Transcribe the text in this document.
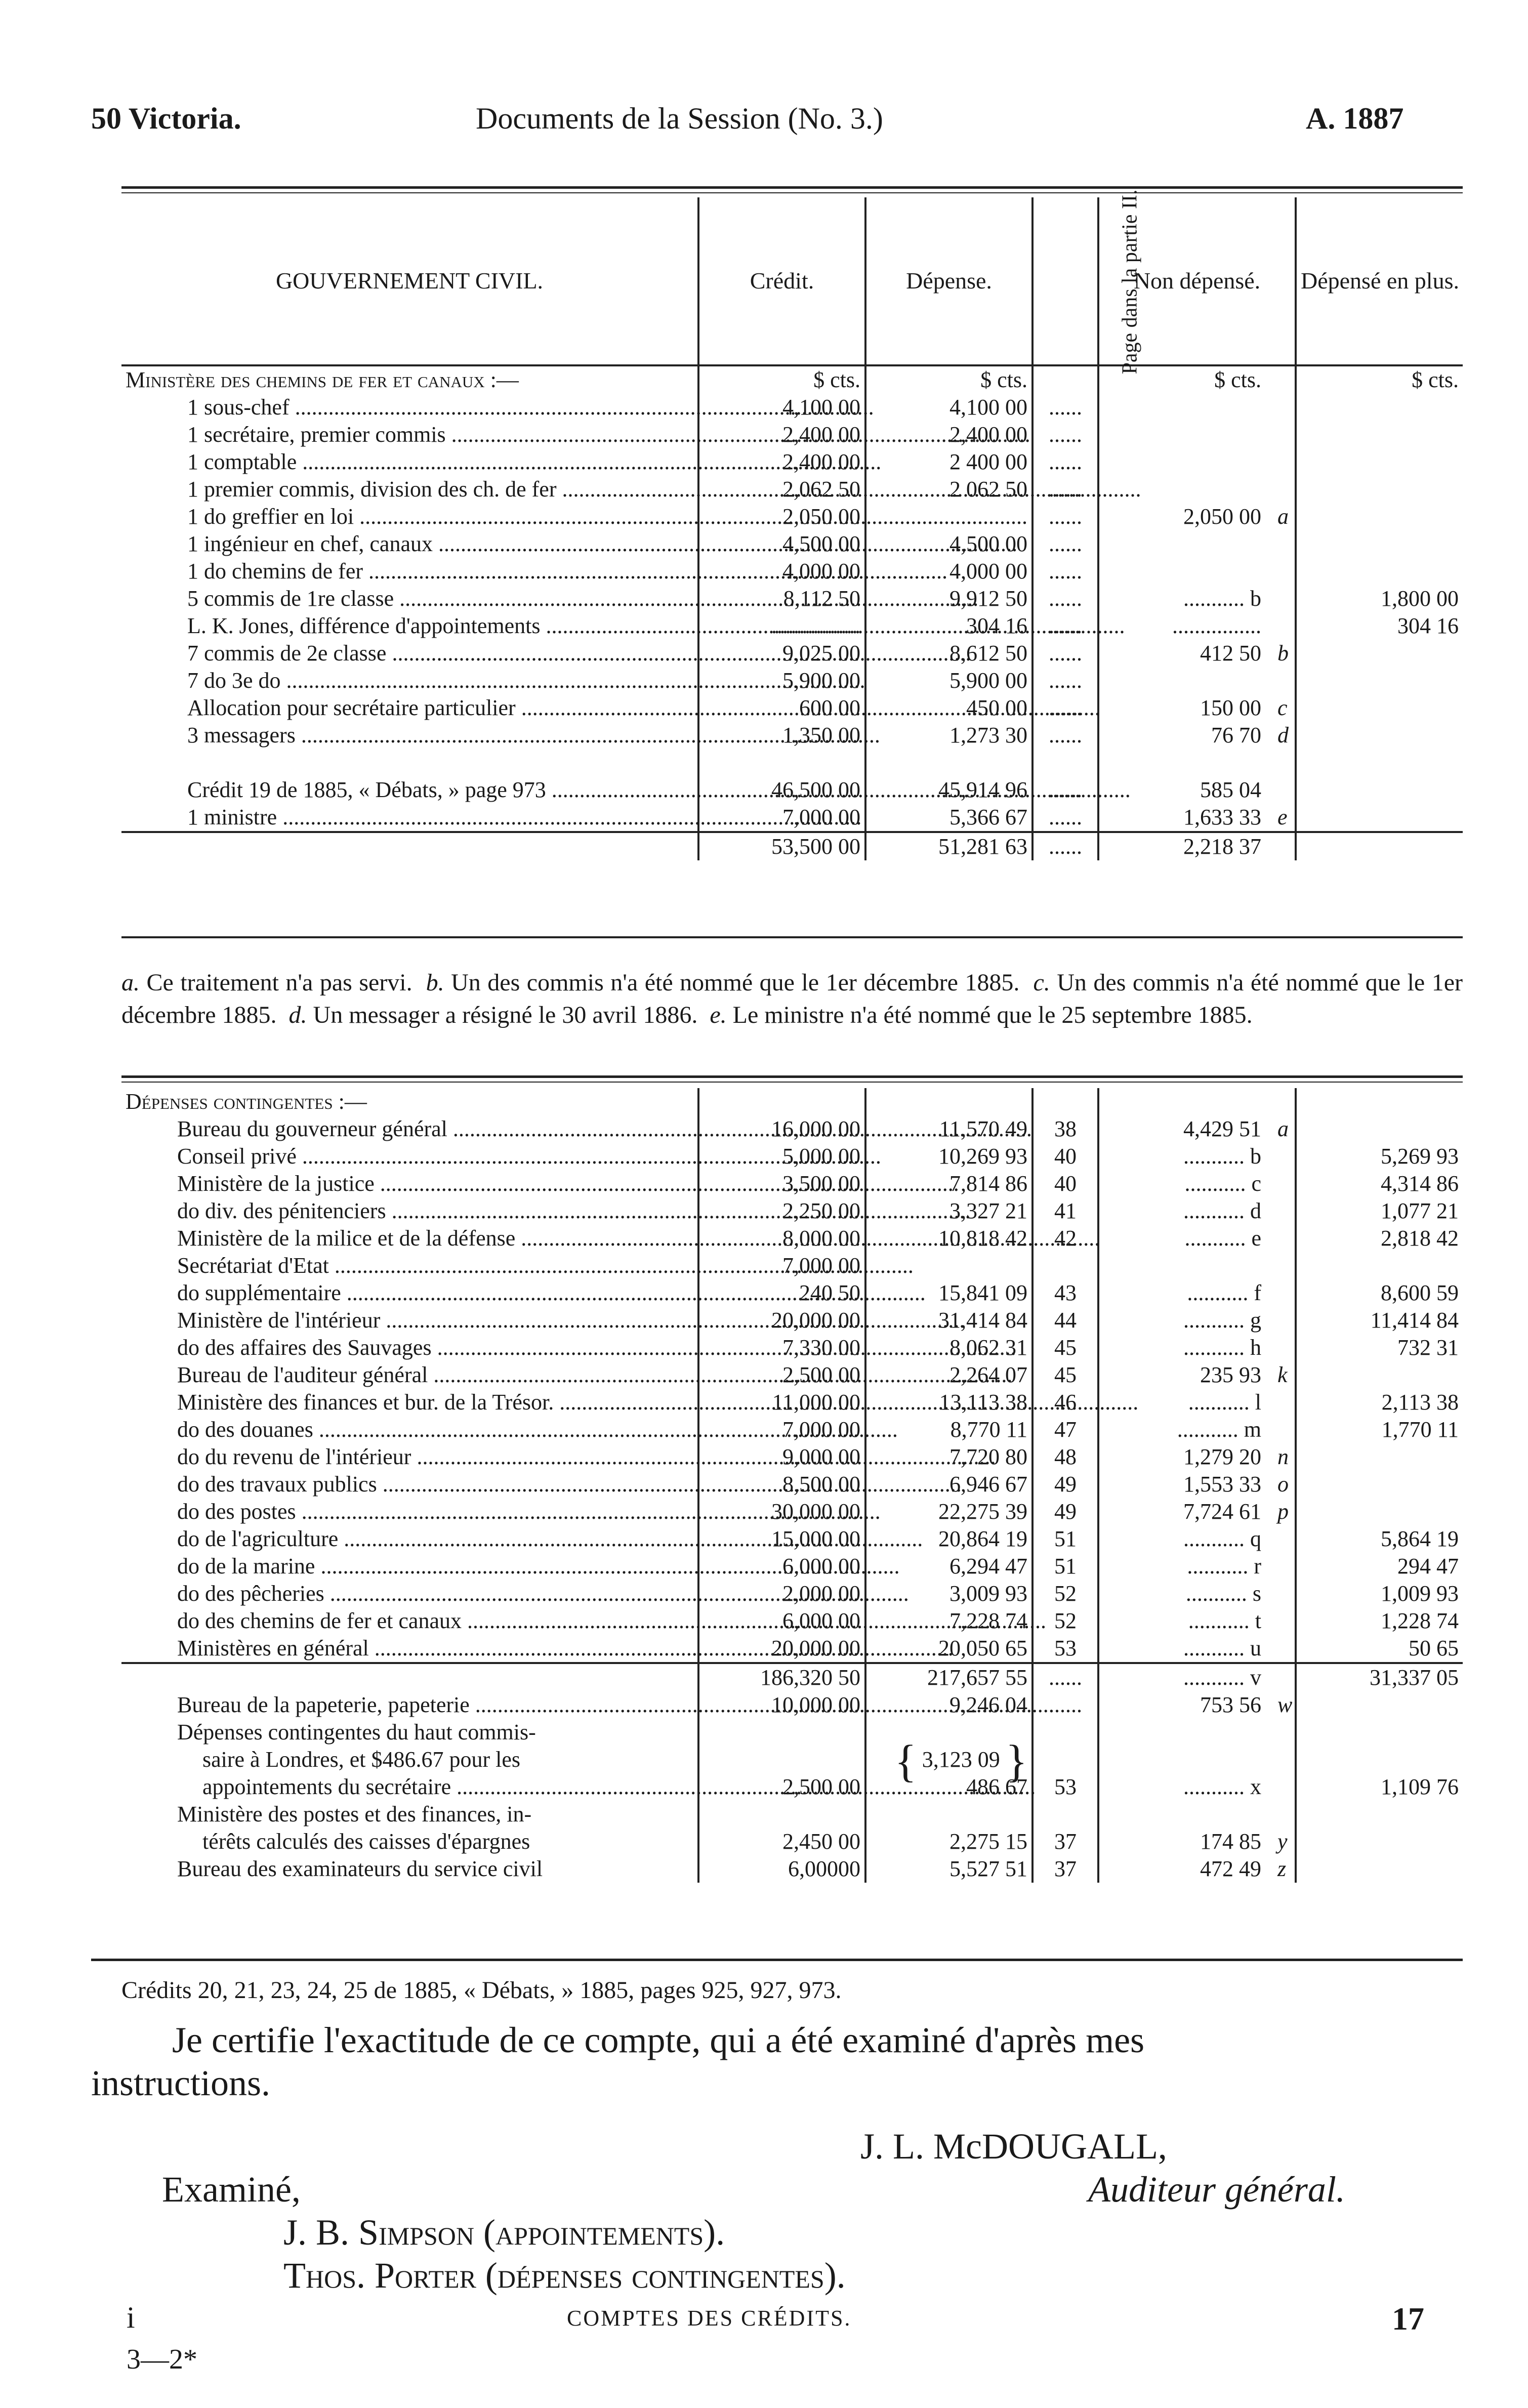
50 Victoria.	Documents de la Session (No. 3.)	A. 1887
GOUVERNEMENT CIVIL.	Crédit.	Dépense.	Page dans la partie II.	Non dépensé.		Dépensé en plus.
Ministère des chemins de fer et canaux :—	$ cts.	$ cts.		$ cts.		$ cts.
1 sous-chef .....	4,100 00	4,100 00	......			
1 secrétaire, premier commis .....	2,400 00	2,400 00	......			
1 comptable .....	2,400 00	2 400 00	......			
1 premier commis, division des ch. de fer .....	2,062 50	2 062 50	......			
1 do greffier en loi .....	2,050 00	................	......	2,050 00	a	
1 ingénieur en chef, canaux .....	4,500 00	4,500 00	......			
1 do chemins de fer .....	4,000 00	4,000 00	......			
5 commis de 1re classe .....	8,112 50	9,912 50	......	........... b		1,800 00
L. K. Jones, différence d'appointements .....	................	304 16	......	................		304 16
7 commis de 2e classe .....	9,025 00	8,612 50	......	412 50	b	
7 do 3e do .....	5,900 00	5,900 00	......			
Allocation pour secrétaire particulier .....	600 00	450 00	......	150 00	c	
3 messagers .....	1,350 00	1,273 30	......	76 70	d	

Crédit 19 de 1885, « Débats, » page 973 .....	46,500 00	45,914 96	......	585 04		
1 ministre .....	7,000 00	5,366 67	......	1,633 33	e	
	53,500 00	51,281 63	......	2,218 37		
a. Ce traitement n'a pas servi. b. Un des commis n'a été nommé que le 1er décembre 1885. c. Un des commis n'a été nommé que le 1er décembre 1885. d. Un messager a résigné le 30 avril 1886. e. Le ministre n'a été nommé que le 25 septembre 1885.
Dépenses contingentes :—						
Bureau du gouverneur général .....	16,000 00	11,570 49	38	4,429 51	a	
Conseil privé .....	5,000 00	10,269 93	40	........... b		5,269 93
Ministère de la justice .....	3,500 00	7,814 86	40	........... c		4,314 86
do div. des pénitenciers .....	2,250 00	3,327 21	41	........... d		1,077 21
Ministère de la milice et de la défense .....	8,000 00	10,818 42	42	........... e		2,818 42
Secrétariat d'Etat .....	7,000 00					
do supplémentaire .....	240 50	15,841 09	43	........... f		8,600 59
Ministère de l'intérieur .....	20,000 00	31,414 84	44	........... g		11,414 84
do des affaires des Sauvages .....	7,330 00	8,062 31	45	........... h		732 31
Bureau de l'auditeur général .....	2,500 00	2,264 07	45	235 93	k	
Ministère des finances et bur. de la Trésor. .....	11,000 00	13,113 38	46	........... l		2,113 38
do des douanes .....	7,000 00	8,770 11	47	........... m		1,770 11
do du revenu de l'intérieur .....	9,000 00	7,720 80	48	1,279 20	n	
do des travaux publics .....	8,500 00	6,946 67	49	1,553 33	o	
do des postes .....	30,000 00	22,275 39	49	7,724 61	p	
do de l'agriculture .....	15,000 00	20,864 19	51	........... q		5,864 19
do de la marine .....	6,000 00	6,294 47	51	........... r		294 47
do des pêcheries .....	2,000 00	3,009 93	52	........... s		1,009 93
do des chemins de fer et canaux .....	6,000 00	7,228 74	52	........... t		1,228 74
Ministères en général .....	20,000 00	20,050 65	53	........... u		50 65
	186,320 50	217,657 55	......	........... v		31,337 05
Bureau de la papeterie, papeterie .....	10,000 00	9,246 04	......	753 56	w	
Dépenses contingentes du haut commis-						
saire à Londres, et $486.67 pour les		{ 3,123 09 }				
appointements du secrétaire .....	2,500 00	486 67	53	........... x		1,109 76
Ministère des postes et des finances, in-						
térêts calculés des caisses d'épargnes	2,450 00	2,275 15	37	174 85	y	
Bureau des examinateurs du service civil	6,00000	5,527 51	37	472 49	z	
Crédits 20, 21, 23, 24, 25 de 1885, « Débats, » 1885, pages 925, 927, 973.
Je certifie l'exactitude de ce compte, qui a été examiné d'après mes
instructions.
J. L. McDOUGALL,
Examiné,	Auditeur général.
J. B. Simpson (appointements).
Thos. Porter (dépenses contingentes).
i	COMPTES DES CRÉDITS.	17
3—2*
